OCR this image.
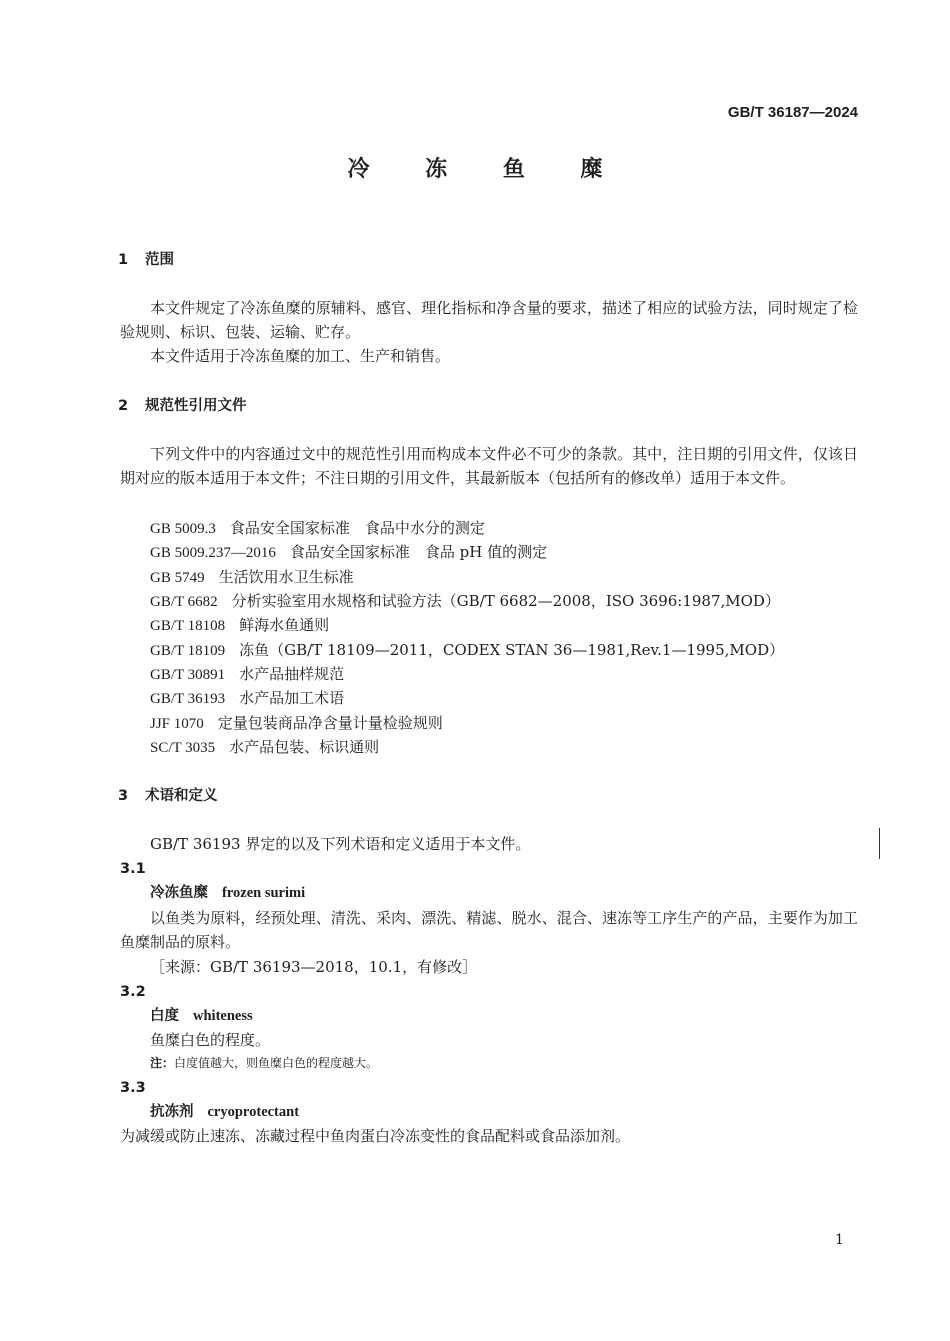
GB/T 36187—2024
冷 冻 鱼 糜
1 范围
本文件规定了冷冻鱼糜的原辅料、感官、理化指标和净含量的要求，描述了相应的试验方法，同时规定了检验规则、标识、包装、运输、贮存。
本文件适用于冷冻鱼糜的加工、生产和销售。
2 规范性引用文件
下列文件中的内容通过文中的规范性引用而构成本文件必不可少的条款。其中，注日期的引用文件，仅该日期对应的版本适用于本文件；不注日期的引用文件，其最新版本（包括所有的修改单）适用于本文件。
GB 5009.3 食品安全国家标准　食品中水分的测定
GB 5009.237—2016 食品安全国家标准　食品 pH 值的测定
GB 5749 生活饮用水卫生标准
GB/T 6682 分析实验室用水规格和试验方法（GB/T 6682—2008，ISO 3696:1987,MOD）
GB/T 18108 鲜海水鱼通则
GB/T 18109 冻鱼（GB/T 18109—2011，CODEX STAN 36—1981,Rev.1—1995,MOD）
GB/T 30891 水产品抽样规范
GB/T 36193 水产品加工术语
JJF 1070 定量包装商品净含量计量检验规则
SC/T 3035 水产品包装、标识通则
3 术语和定义
GB/T 36193 界定的以及下列术语和定义适用于本文件。
3.1
冷冻鱼糜 frozen surimi
以鱼类为原料，经预处理、清洗、采肉、漂洗、精滤、脱水、混合、速冻等工序生产的产品，主要作为加工鱼糜制品的原料。
［来源：GB/T 36193—2018，10.1，有修改］
3.2
白度 whiteness
鱼糜白色的程度。
注：白度值越大，则鱼糜白色的程度越大。
3.3
抗冻剂 cryoprotectant
为减缓或防止速冻、冻藏过程中鱼肉蛋白冷冻变性的食品配料或食品添加剂。
1
